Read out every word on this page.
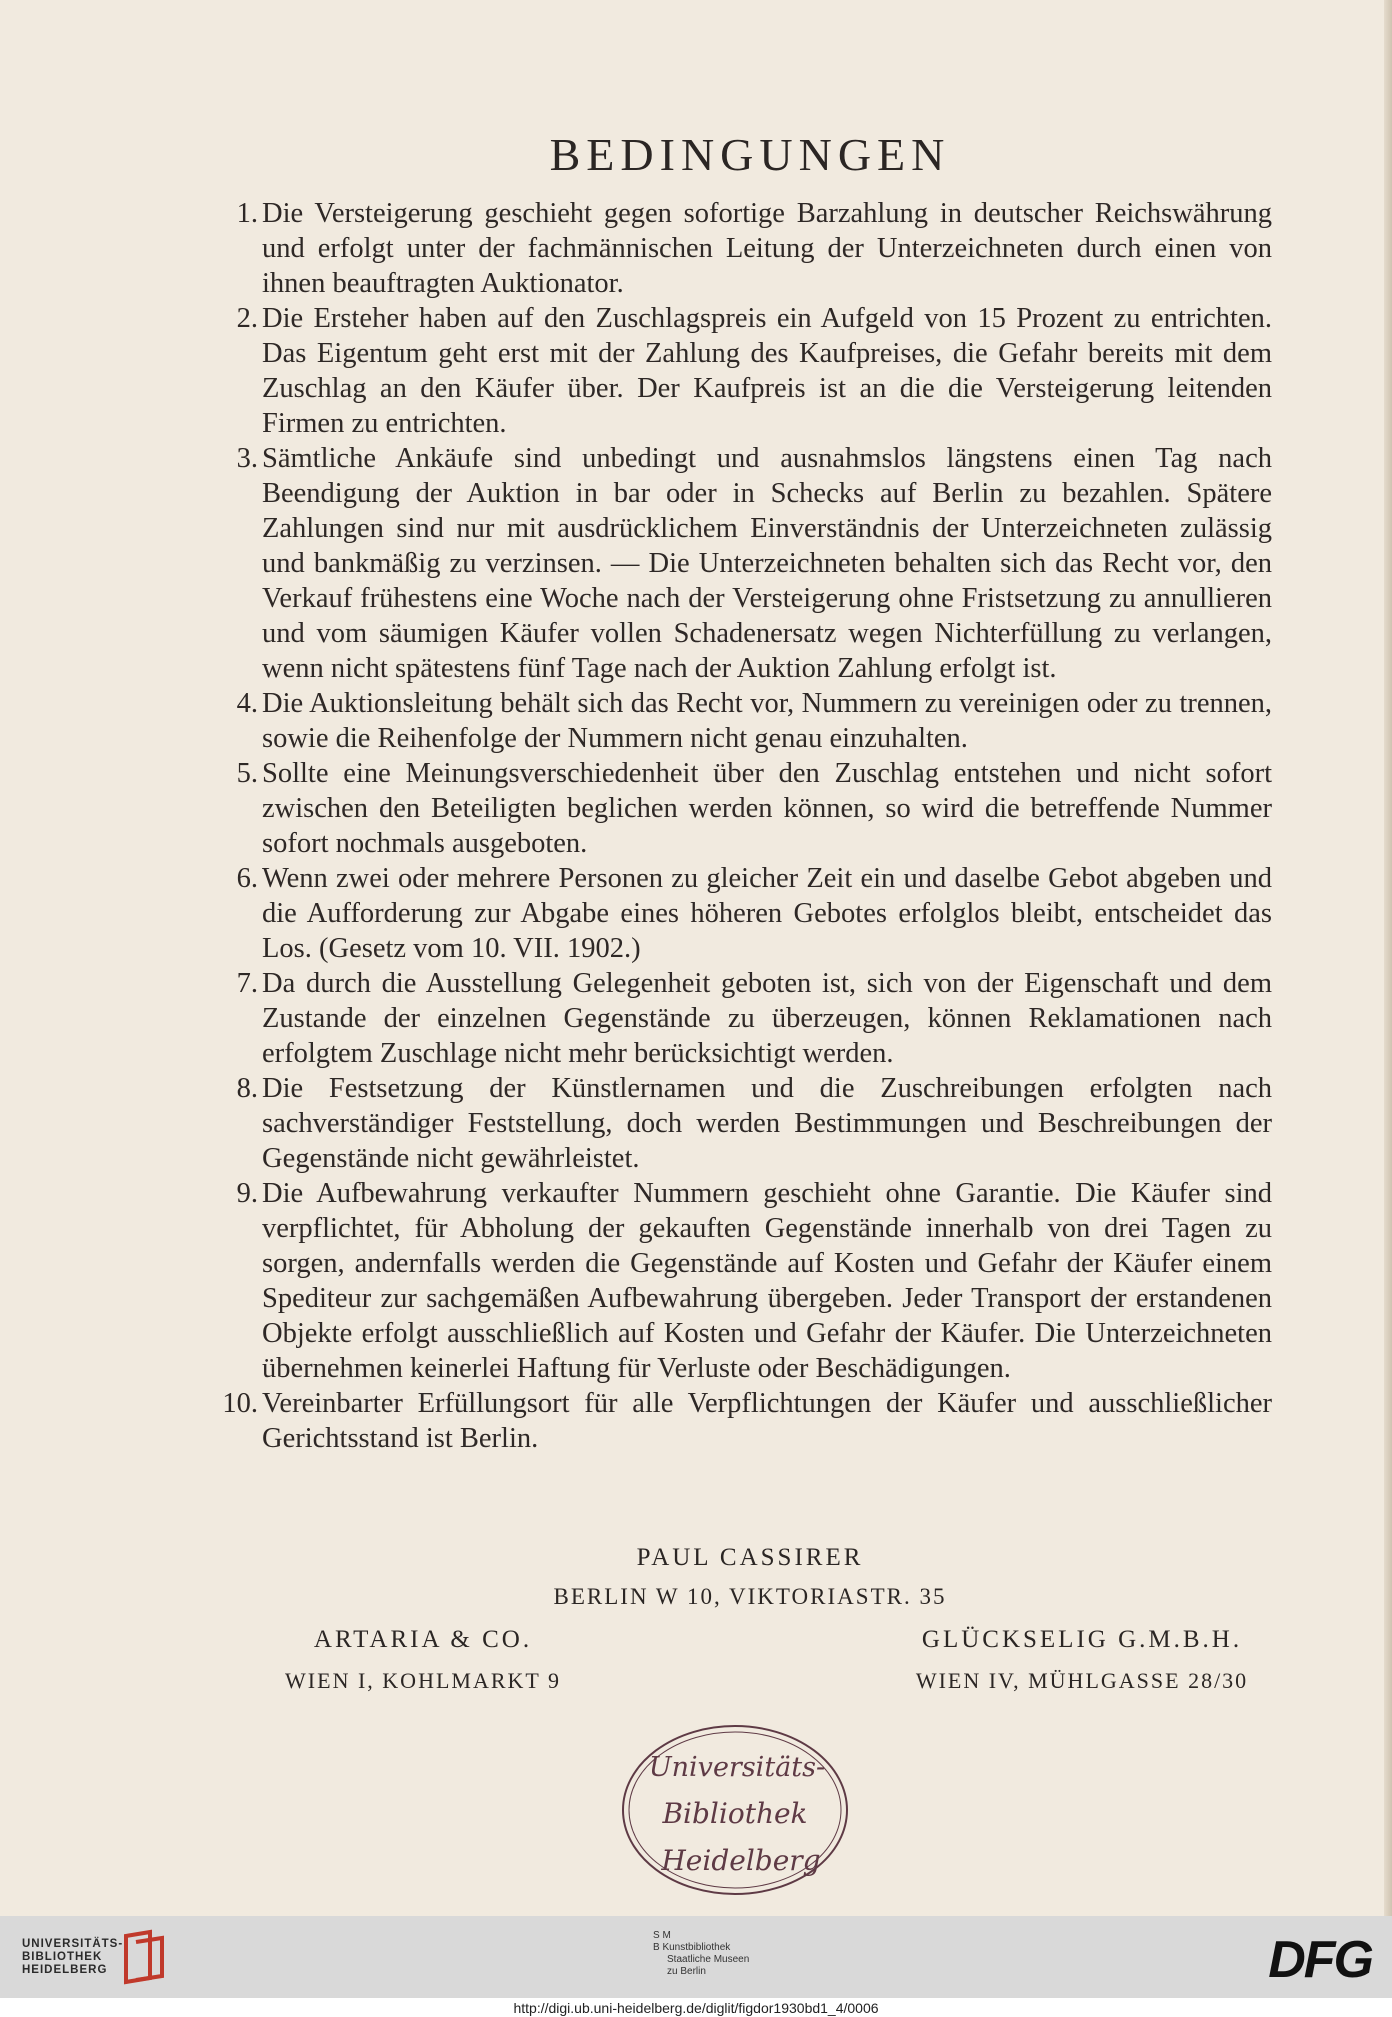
BEDINGUNGEN
1. Die Versteigerung geschieht gegen sofortige Barzahlung in deutscher Reichswährung und erfolgt unter der fachmännischen Leitung der Unterzeichneten durch einen von ihnen beauftragten Auktionator.
2. Die Ersteher haben auf den Zuschlagspreis ein Aufgeld von 15 Prozent zu entrichten. Das Eigentum geht erst mit der Zahlung des Kaufpreises, die Gefahr bereits mit dem Zuschlag an den Käufer über. Der Kaufpreis ist an die die Versteigerung leitenden Firmen zu entrichten.
3. Sämtliche Ankäufe sind unbedingt und ausnahmslos längstens einen Tag nach Beendigung der Auktion in bar oder in Schecks auf Berlin zu bezahlen. Spätere Zahlungen sind nur mit ausdrücklichem Einverständnis der Unterzeichneten zulässig und bankmäßig zu verzinsen. — Die Unterzeichneten behalten sich das Recht vor, den Verkauf frühestens eine Woche nach der Versteigerung ohne Fristsetzung zu annullieren und vom säumigen Käufer vollen Schadenersatz wegen Nichterfüllung zu verlangen, wenn nicht spätestens fünf Tage nach der Auktion Zahlung erfolgt ist.
4. Die Auktionsleitung behält sich das Recht vor, Nummern zu vereinigen oder zu trennen, sowie die Reihenfolge der Nummern nicht genau einzuhalten.
5. Sollte eine Meinungsverschiedenheit über den Zuschlag entstehen und nicht sofort zwischen den Beteiligten beglichen werden können, so wird die betreffende Nummer sofort nochmals ausgeboten.
6. Wenn zwei oder mehrere Personen zu gleicher Zeit ein und daselbe Gebot abgeben und die Aufforderung zur Abgabe eines höheren Gebotes erfolglos bleibt, entscheidet das Los. (Gesetz vom 10. VII. 1902.)
7. Da durch die Ausstellung Gelegenheit geboten ist, sich von der Eigenschaft und dem Zustande der einzelnen Gegenstände zu überzeugen, können Reklamationen nach erfolgtem Zuschlage nicht mehr berücksichtigt werden.
8. Die Festsetzung der Künstlernamen und die Zuschreibungen erfolgten nach sachverständiger Feststellung, doch werden Bestimmungen und Beschreibungen der Gegenstände nicht gewährleistet.
9. Die Aufbewahrung verkaufter Nummern geschieht ohne Garantie. Die Käufer sind verpflichtet, für Abholung der gekauften Gegenstände innerhalb von drei Tagen zu sorgen, andernfalls werden die Gegenstände auf Kosten und Gefahr der Käufer einem Spediteur zur sachgemäßen Aufbewahrung übergeben. Jeder Transport der erstandenen Objekte erfolgt ausschließlich auf Kosten und Gefahr der Käufer. Die Unterzeichneten übernehmen keinerlei Haftung für Verluste oder Beschädigungen.
10. Vereinbarter Erfüllungsort für alle Verpflichtungen der Käufer und ausschließlicher Gerichtsstand ist Berlin.
PAUL CASSIRER
BERLIN W 10, VIKTORIASTR. 35
ARTARIA & CO.
WIEN I, KOHLMARKT 9
GLÜCKSELIG G.M.B.H.
WIEN IV, MÜHLGASSE 28/30
Universitäts-
Bibliothek
Heidelberg
UNIVERSITÄTS-
BIBLIOTHEK
HEIDELBERG
S M
B Kunstbibliothek
Staatliche Museen
zu Berlin	DFG
http://digi.ub.uni-heidelberg.de/diglit/figdor1930bd1_4/0006
